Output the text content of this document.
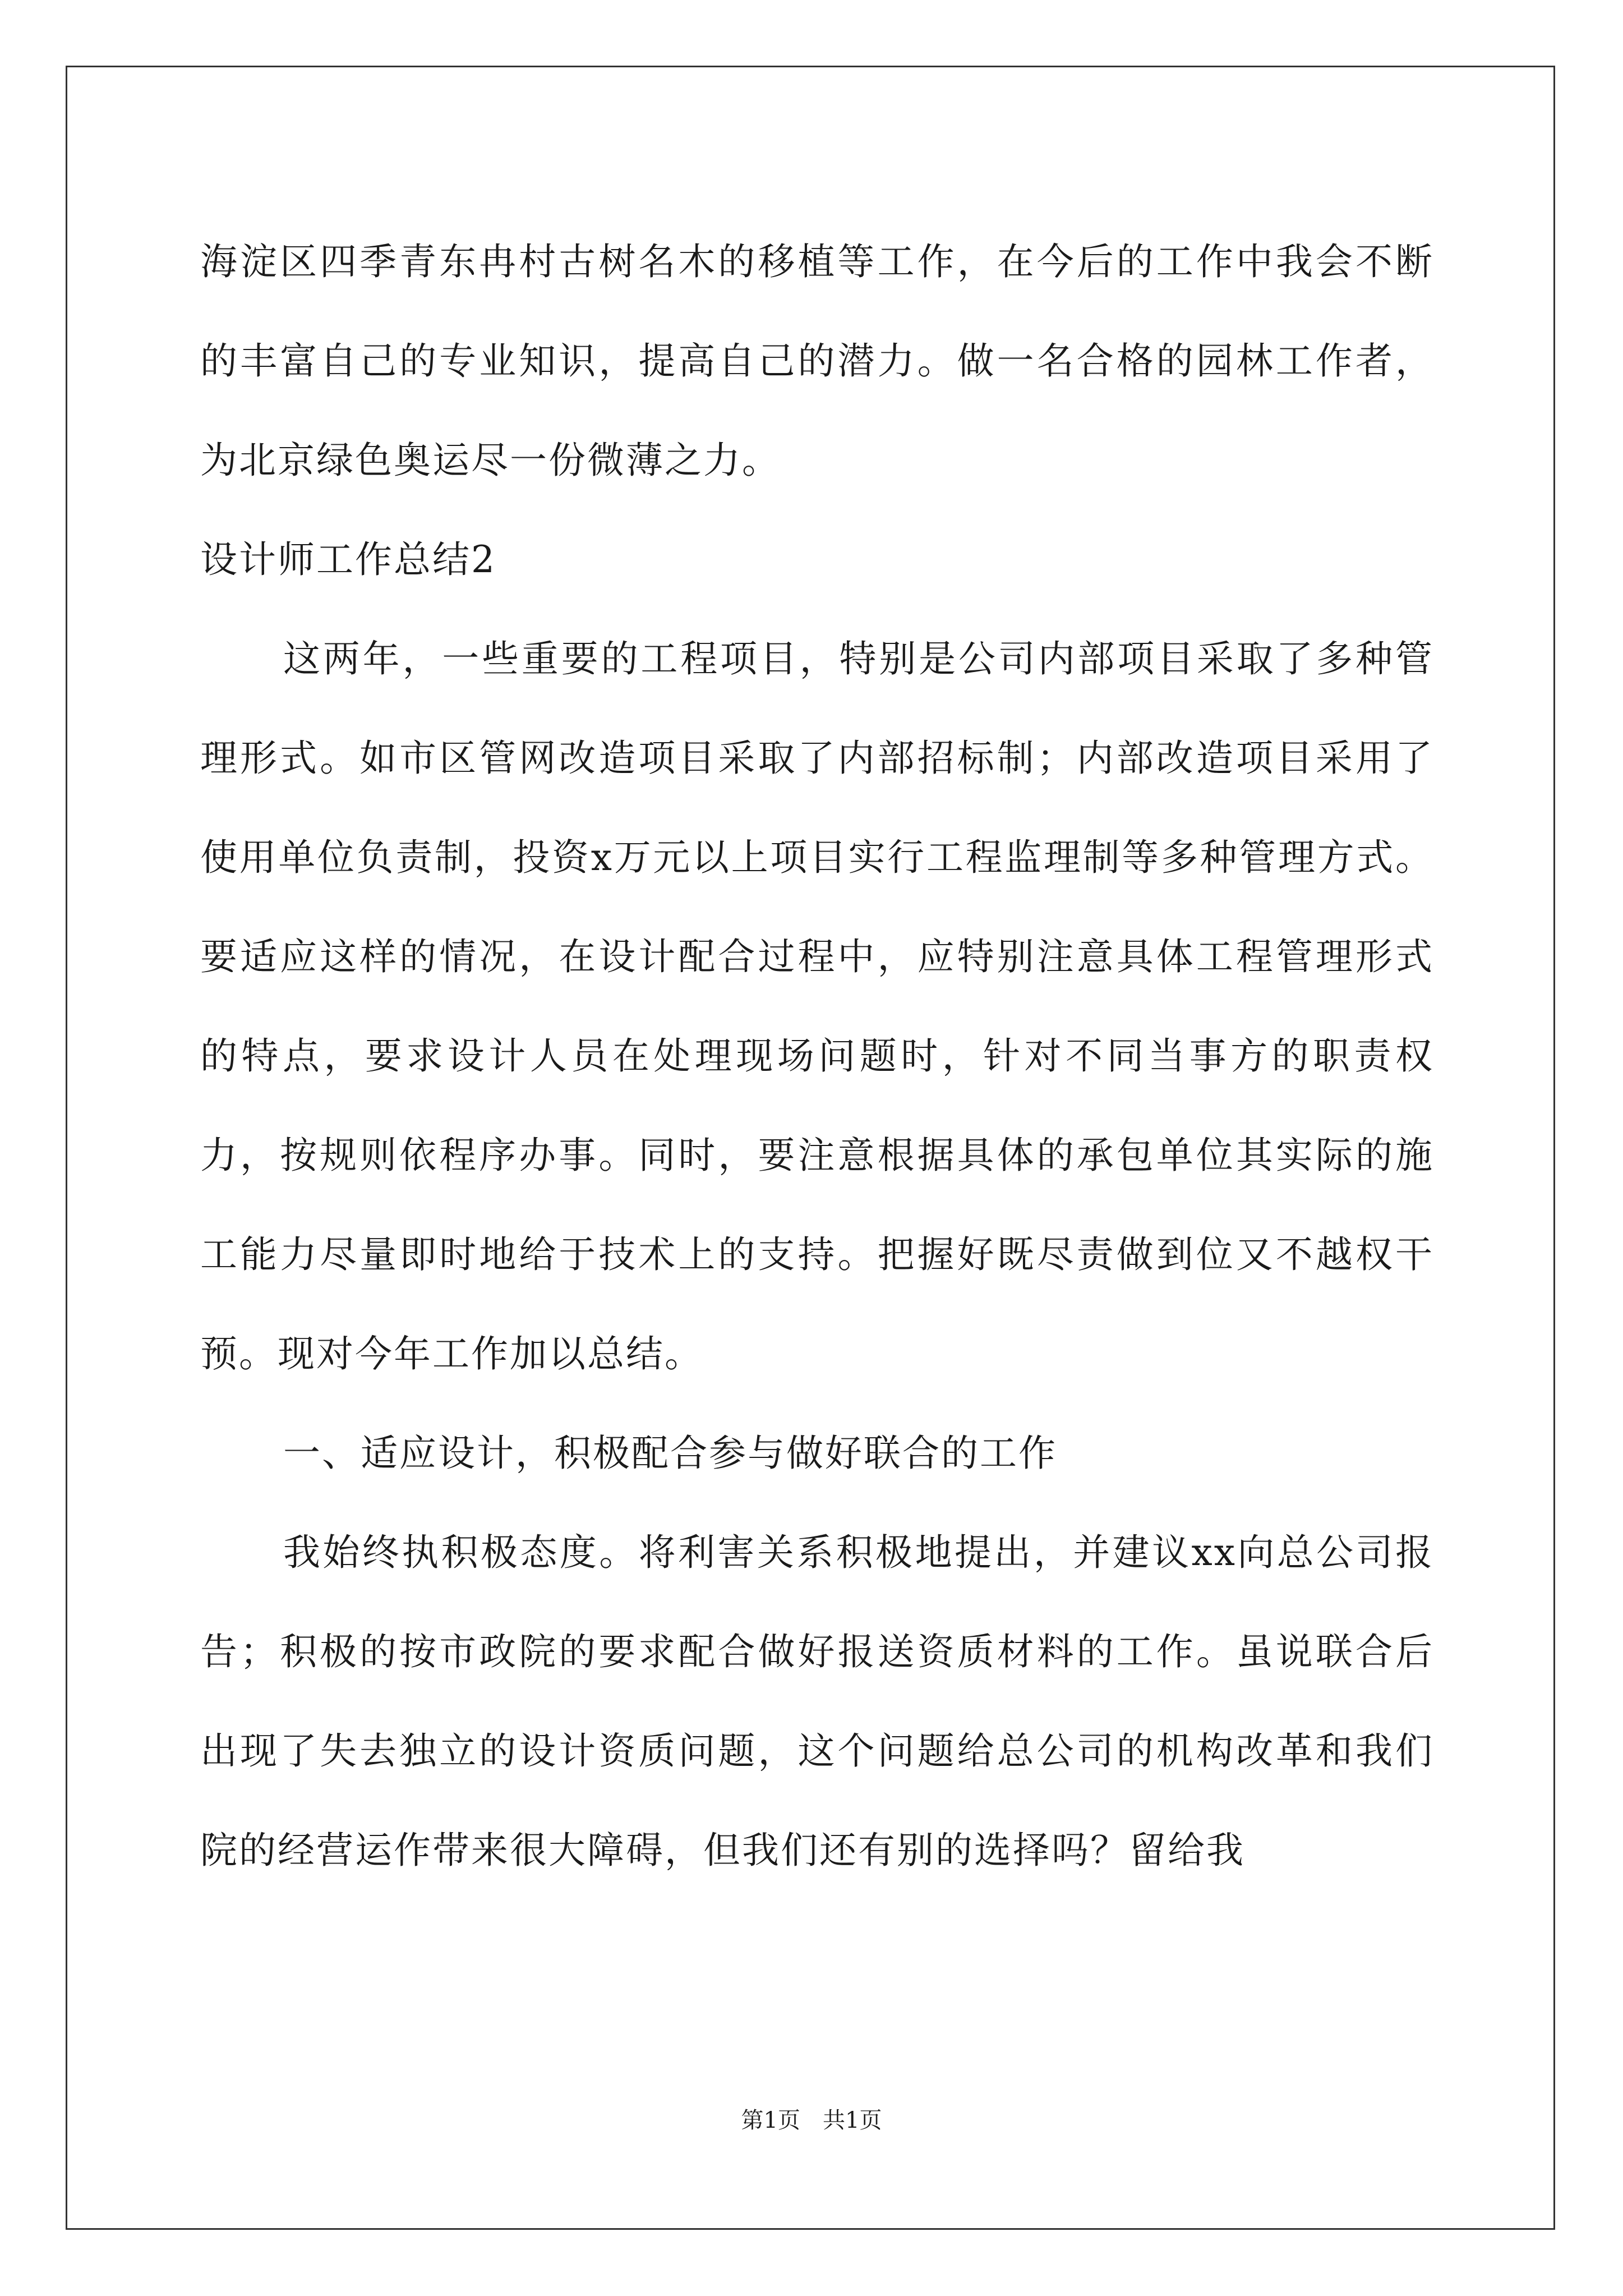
海淀区四季青东冉村古树名木的移植等工作，在今后的工作中我会不断的丰富自己的专业知识，提高自己的潜力。做一名合格的园林工作者，为北京绿色奥运尽一份微薄之力。

设计师工作总结2

这两年，一些重要的工程项目，特别是公司内部项目采取了多种管理形式。如市区管网改造项目采取了内部招标制；内部改造项目采用了使用单位负责制，投资x万元以上项目实行工程监理制等多种管理方式。要适应这样的情况，在设计配合过程中，应特别注意具体工程管理形式的特点，要求设计人员在处理现场问题时，针对不同当事方的职责权力，按规则依程序办事。同时，要注意根据具体的承包单位其实际的施工能力尽量即时地给于技术上的支持。把握好既尽责做到位又不越权干预。现对今年工作加以总结。

一、适应设计，积极配合参与做好联合的工作

我始终执积极态度。将利害关系积极地提出，并建议xx向总公司报告；积极的按市政院的要求配合做好报送资质材料的工作。虽说联合后出现了失去独立的设计资质问题，这个问题给总公司的机构改革和我们院的经营运作带来很大障碍，但我们还有别的选择吗？留给我

第1页　共1页
